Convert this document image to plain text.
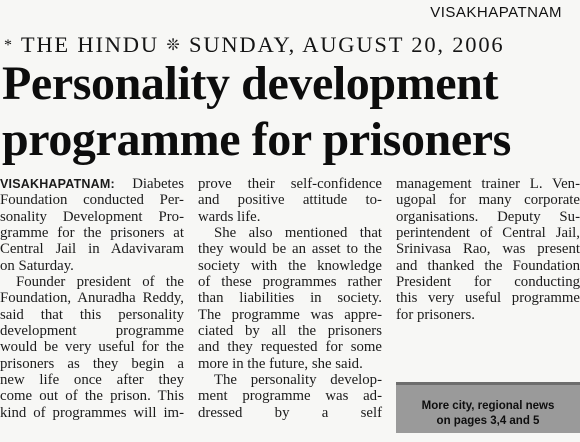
VISAKHAPATNAM
* THE HINDU ❊ SUNDAY, AUGUST 20, 2006
Personality development
programme for prisoners

VISAKHAPATNAM: Diabetes
Foundation conducted Per-
sonality Development Pro-
gramme for the prisoners at
Central Jail in Adavivaram
on Saturday.

Founder president of the
Foundation, Anuradha Reddy,
said that this personality
development programme
would be very useful for the
prisoners as they begin a
new life once after they
come out of the prison. This
kind of programmes will im-

prove their self-confidence
and positive attitude to-
wards life.

She also mentioned that
they would be an asset to the
society with the knowledge
of these programmes rather
than liabilities in society.
The programme was appre-
ciated by all the prisoners
and they requested for some
more in the future, she said.

The personality develop-
ment programme was ad-
dressed by a self

management trainer L. Ven-
ugopal for many corporate
organisations. Deputy Su-
perintendent of Central Jail,
Srinivasa Rao, was present
and thanked the Foundation
President for conducting
this very useful programme
for prisoners.

More city, regional news
on pages 3,4 and 5
